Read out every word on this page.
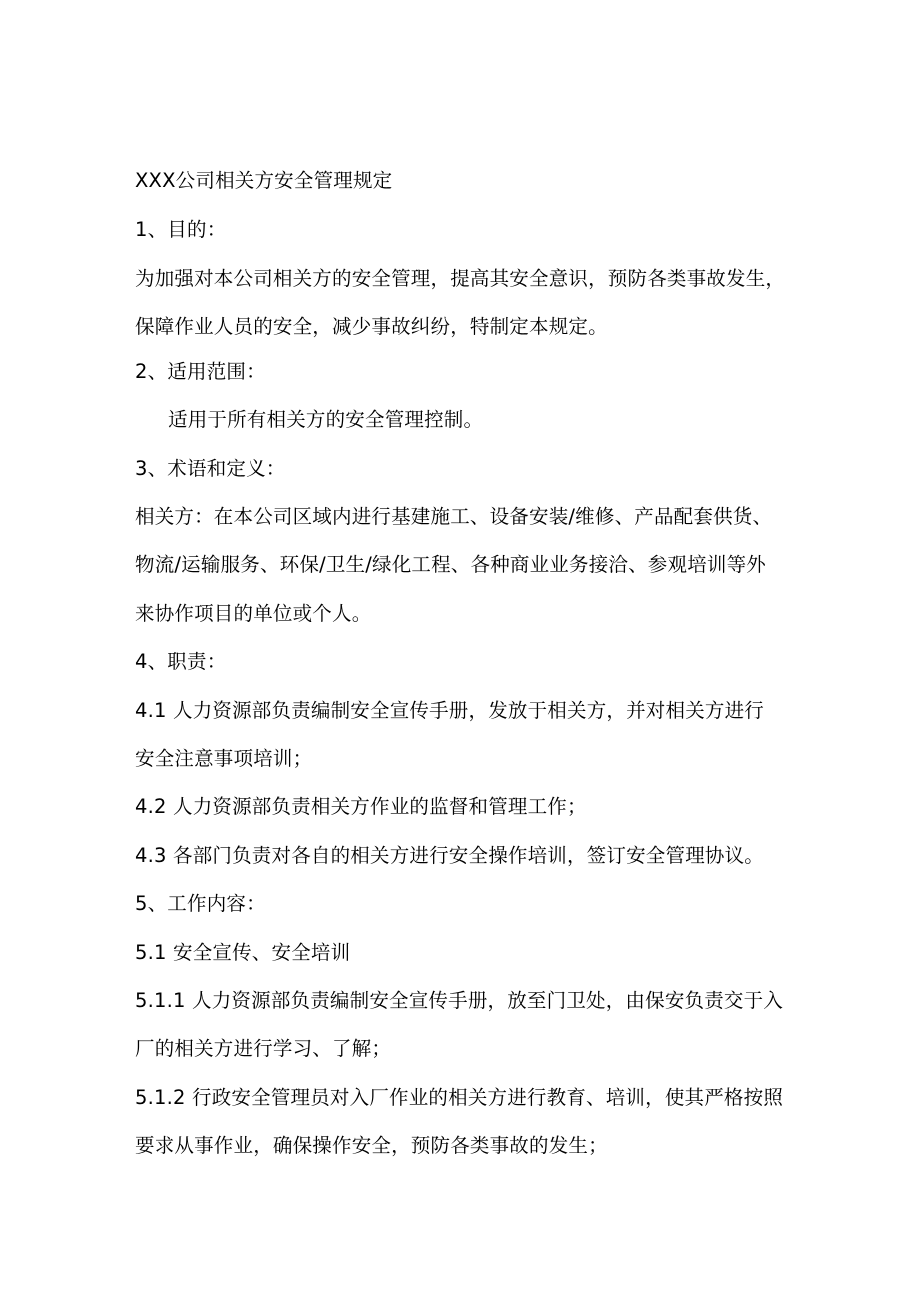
XXX公司相关方安全管理规定
1、目的：
为加强对本公司相关方的安全管理，提高其安全意识，预防各类事故发生，
保障作业人员的安全，减少事故纠纷，特制定本规定。
2、适用范围：
适用于所有相关方的安全管理控制。
3、术语和定义：
相关方：在本公司区域内进行基建施工、设备安装/维修、产品配套供货、
物流/运输服务、环保/卫生/绿化工程、各种商业业务接洽、参观培训等外
来协作项目的单位或个人。
4、职责：
4.1 人力资源部负责编制安全宣传手册，发放于相关方，并对相关方进行
安全注意事项培训；
4.2 人力资源部负责相关方作业的监督和管理工作；
4.3 各部门负责对各自的相关方进行安全操作培训，签订安全管理协议。
5、工作内容：
5.1 安全宣传、安全培训
5.1.1 人力资源部负责编制安全宣传手册，放至门卫处，由保安负责交于入
厂的相关方进行学习、了解；
5.1.2 行政安全管理员对入厂作业的相关方进行教育、培训，使其严格按照
要求从事作业，确保操作安全，预防各类事故的发生；
